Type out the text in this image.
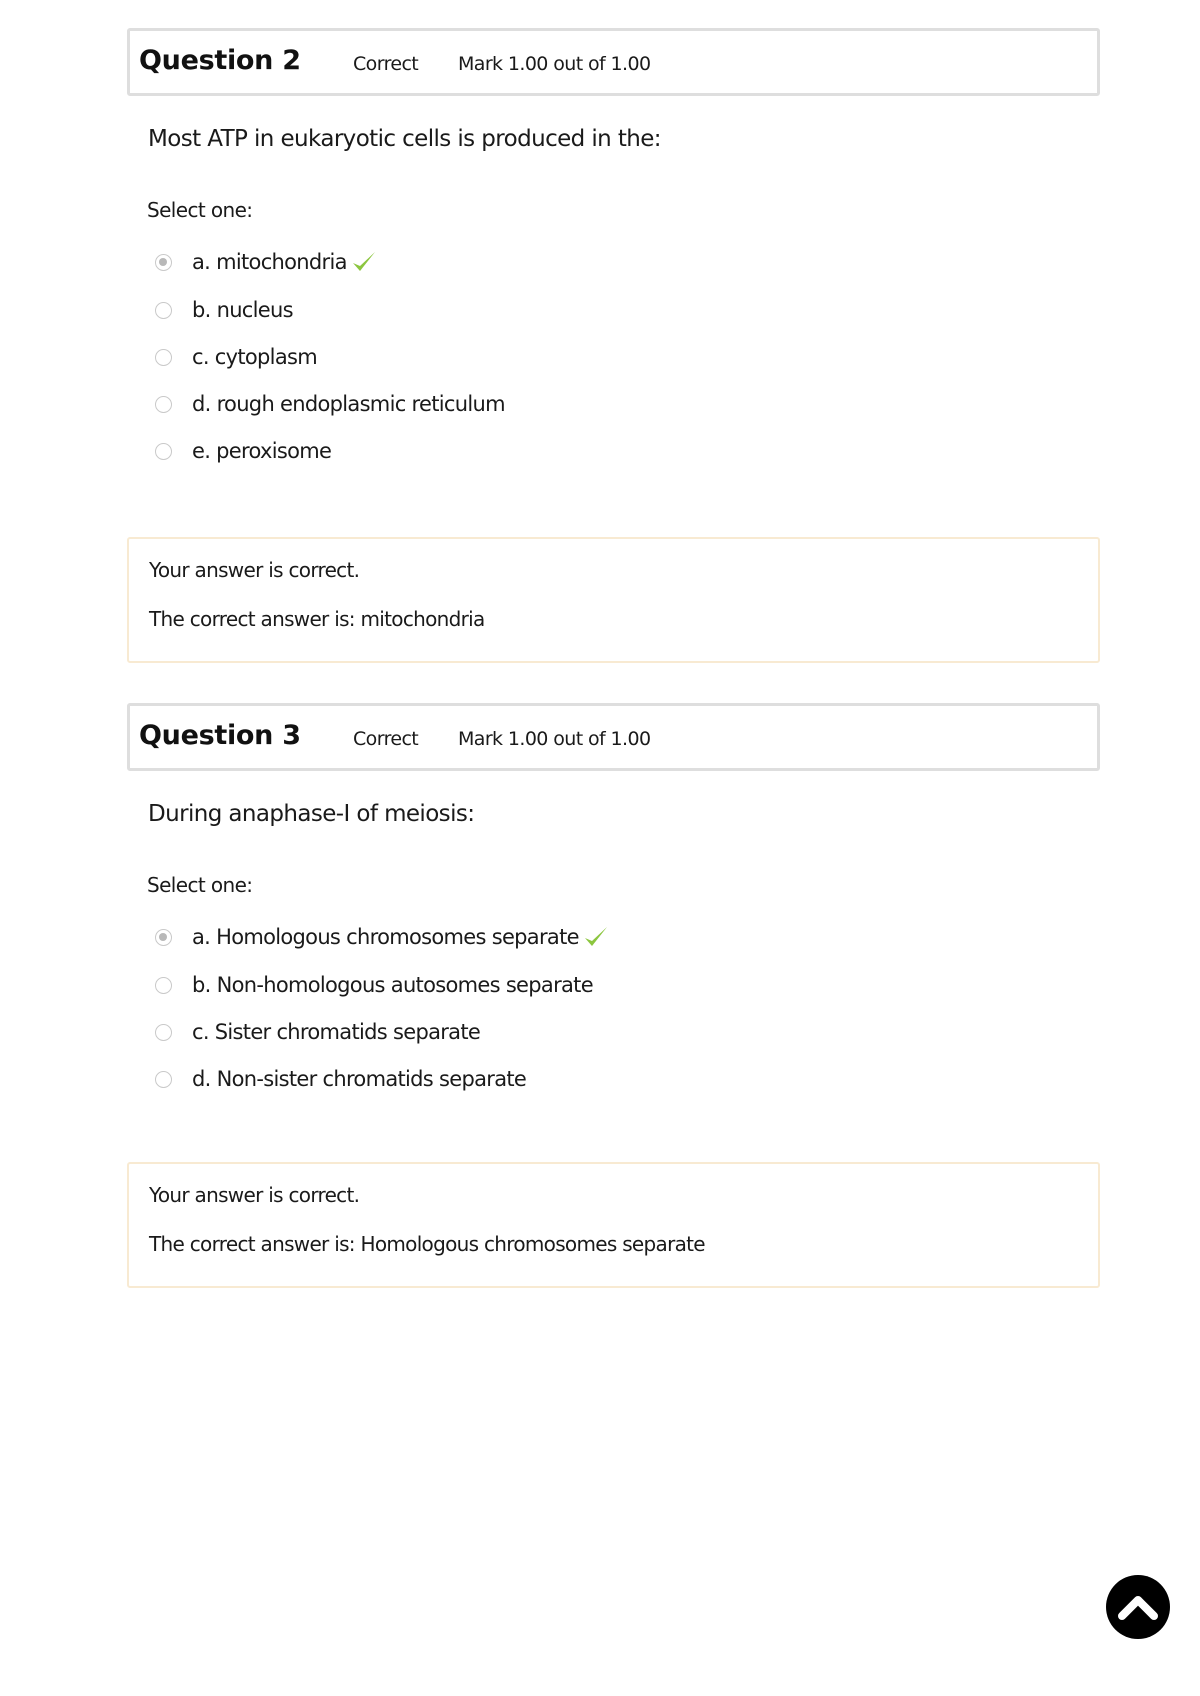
Question 2	Correct Mark 1.00 out of 1.00
Most ATP in eukaryotic cells is produced in the:
Select one:
a. mitochondria
b. nucleus
c. cytoplasm
d. rough endoplasmic reticulum
e. peroxisome
Your answer is correct.
The correct answer is: mitochondria
Question 3	Correct Mark 1.00 out of 1.00
During anaphase-I of meiosis:
Select one:
a. Homologous chromosomes separate
b. Non-homologous autosomes separate
c. Sister chromatids separate
d. Non-sister chromatids separate
Your answer is correct.
The correct answer is: Homologous chromosomes separate
